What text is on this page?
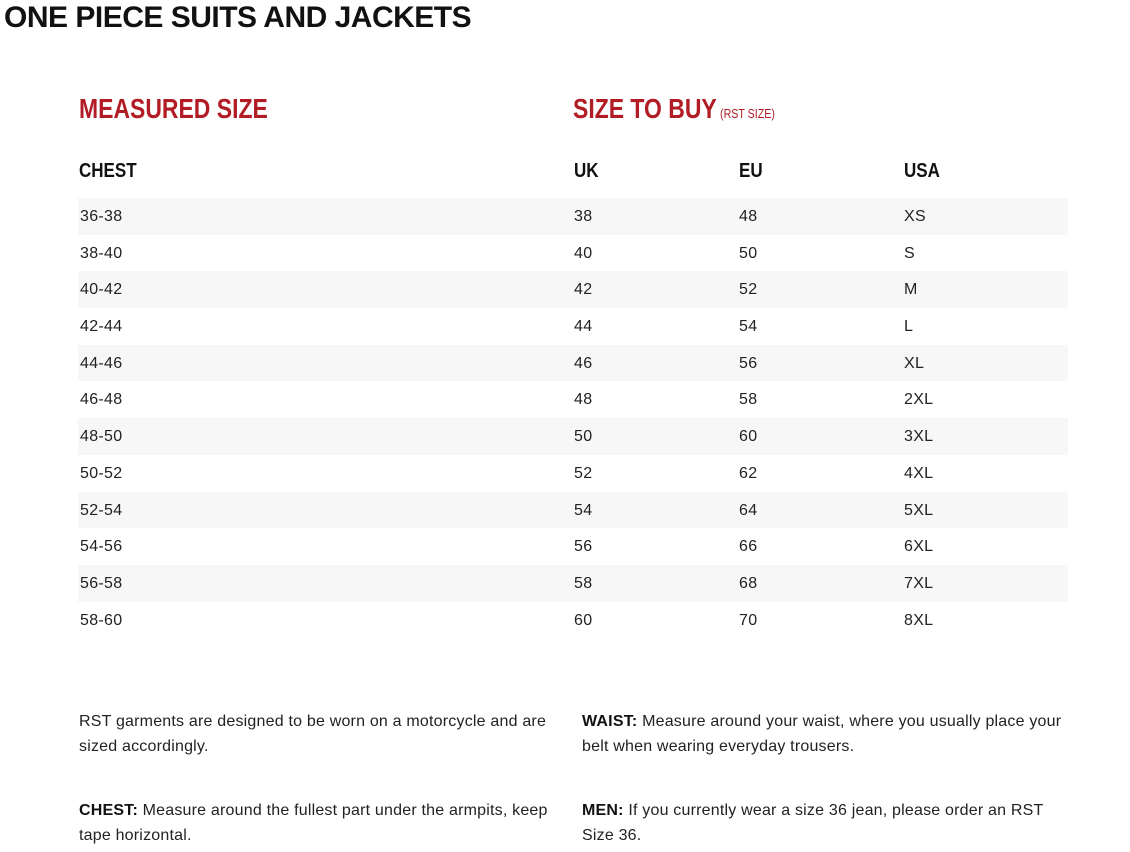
ONE PIECE SUITS AND JACKETS
MEASURED SIZE	SIZE TO BUY (RST SIZE)
CHEST	UK	EU	USA
36-38	38	48	XS
38-40	40	50	S
40-42	42	52	M
42-44	44	54	L
44-46	46	56	XL
46-48	48	58	2XL
48-50	50	60	3XL
50-52	52	62	4XL
52-54	54	64	5XL
54-56	56	66	6XL
56-58	58	68	7XL
58-60	60	70	8XL
RST garments are designed to be worn on a motorcycle and are sized accordingly.
WAIST: Measure around your waist, where you usually place your belt when wearing everyday trousers.
CHEST: Measure around the fullest part under the armpits, keep tape horizontal.
MEN: If you currently wear a size 36 jean, please order an RST Size 36.
